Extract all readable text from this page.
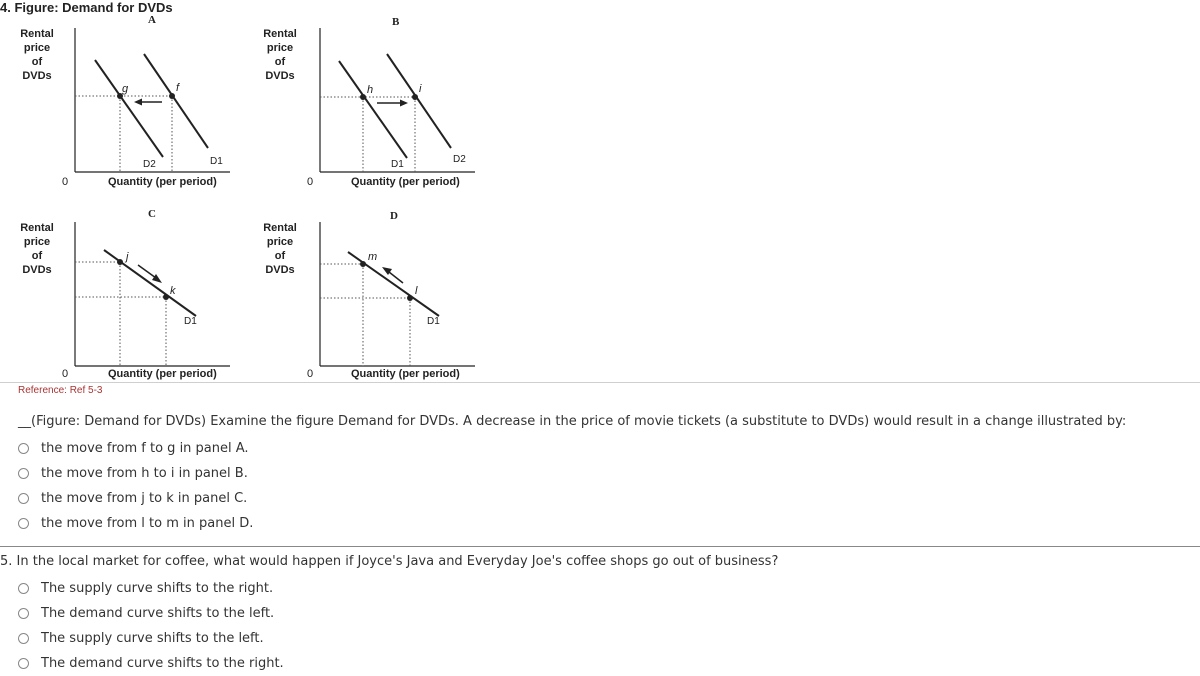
4. Figure: Demand for DVDs
A
Rental
price
of
DVDs
g	f
D2	D1
0	Quantity (per period)
B
Rental
price
of
DVDs
h	i
D1	D2
0	Quantity (per period)
C
Rental
price
of
DVDs
j
k
D1
0	Quantity (per period)
D
Rental
price
of
DVDs
m
l
D1
0	Quantity (per period)
Reference: Ref 5-3
__(Figure: Demand for DVDs) Examine the figure Demand for DVDs. A decrease in the price of movie tickets (a substitute to DVDs) would result in a change illustrated by:
the move from f to g in panel A.
the move from h to i in panel B.
the move from j to k in panel C.
the move from l to m in panel D.
5. In the local market for coffee, what would happen if Joyce's Java and Everyday Joe's coffee shops go out of business?
The supply curve shifts to the right.
The demand curve shifts to the left.
The supply curve shifts to the left.
The demand curve shifts to the right.
